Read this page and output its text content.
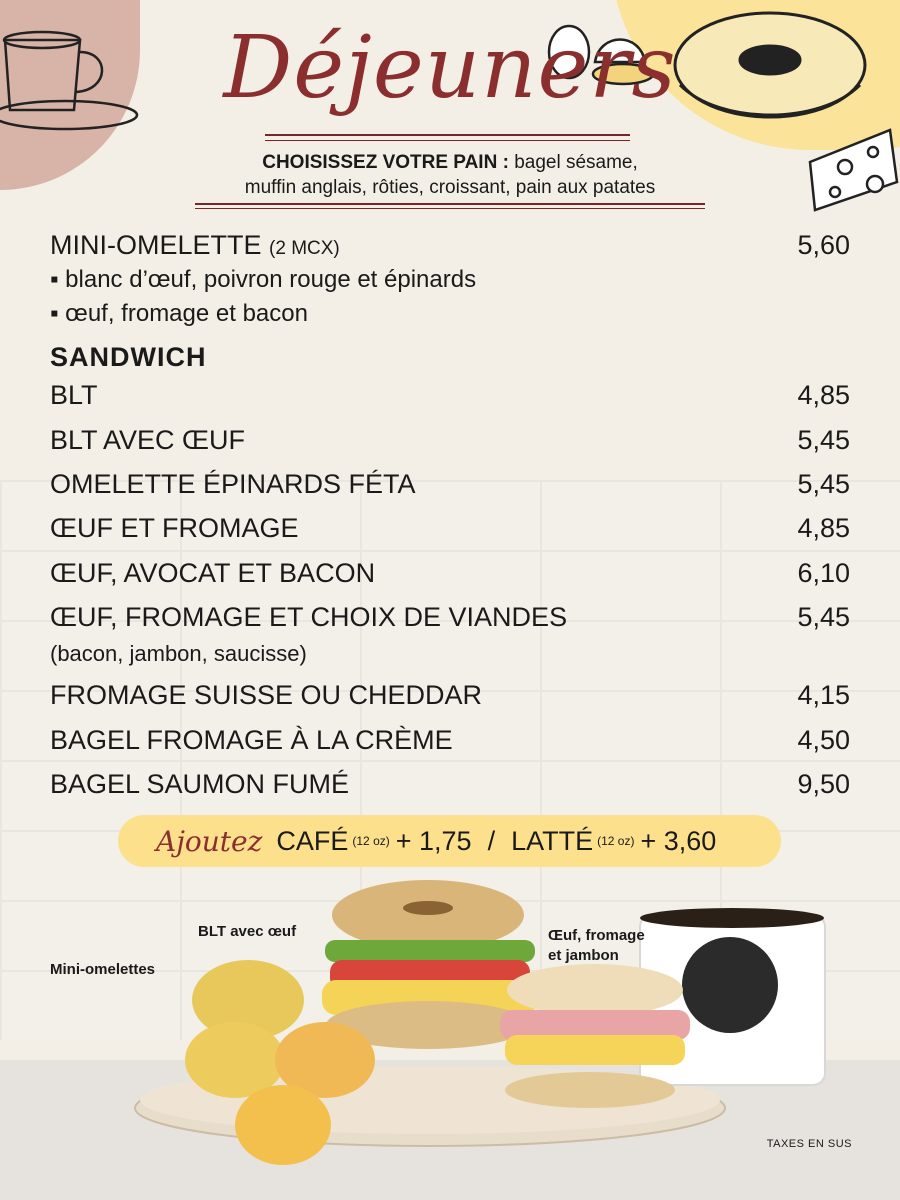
Déjeuners
CHOISISSEZ VOTRE PAIN : bagel sésame,
muffin anglais, rôties, croissant, pain aux patates
MINI-OMELETTE (2 MCX)	5,60
▪ blanc d’œuf, poivron rouge et épinards
▪ œuf, fromage et bacon
SANDWICH
BLT	4,85
BLT AVEC ŒUF	5,45
OMELETTE ÉPINARDS FÉTA	5,45
ŒUF ET FROMAGE	4,85
ŒUF, AVOCAT ET BACON	6,10
ŒUF, FROMAGE ET CHOIX DE VIANDES	5,45
(bacon, jambon, saucisse)
FROMAGE SUISSE OU CHEDDAR	4,15
BAGEL FROMAGE À LA CRÈME	4,50
BAGEL SAUMON FUMÉ	9,50
Ajoutez CAFÉ (12 oz) + 1,75 / LATTÉ (12 oz) + 3,60
BLT avec œuf
Mini-omelettes
Œuf, fromage
et jambon
TAXES EN SUS
